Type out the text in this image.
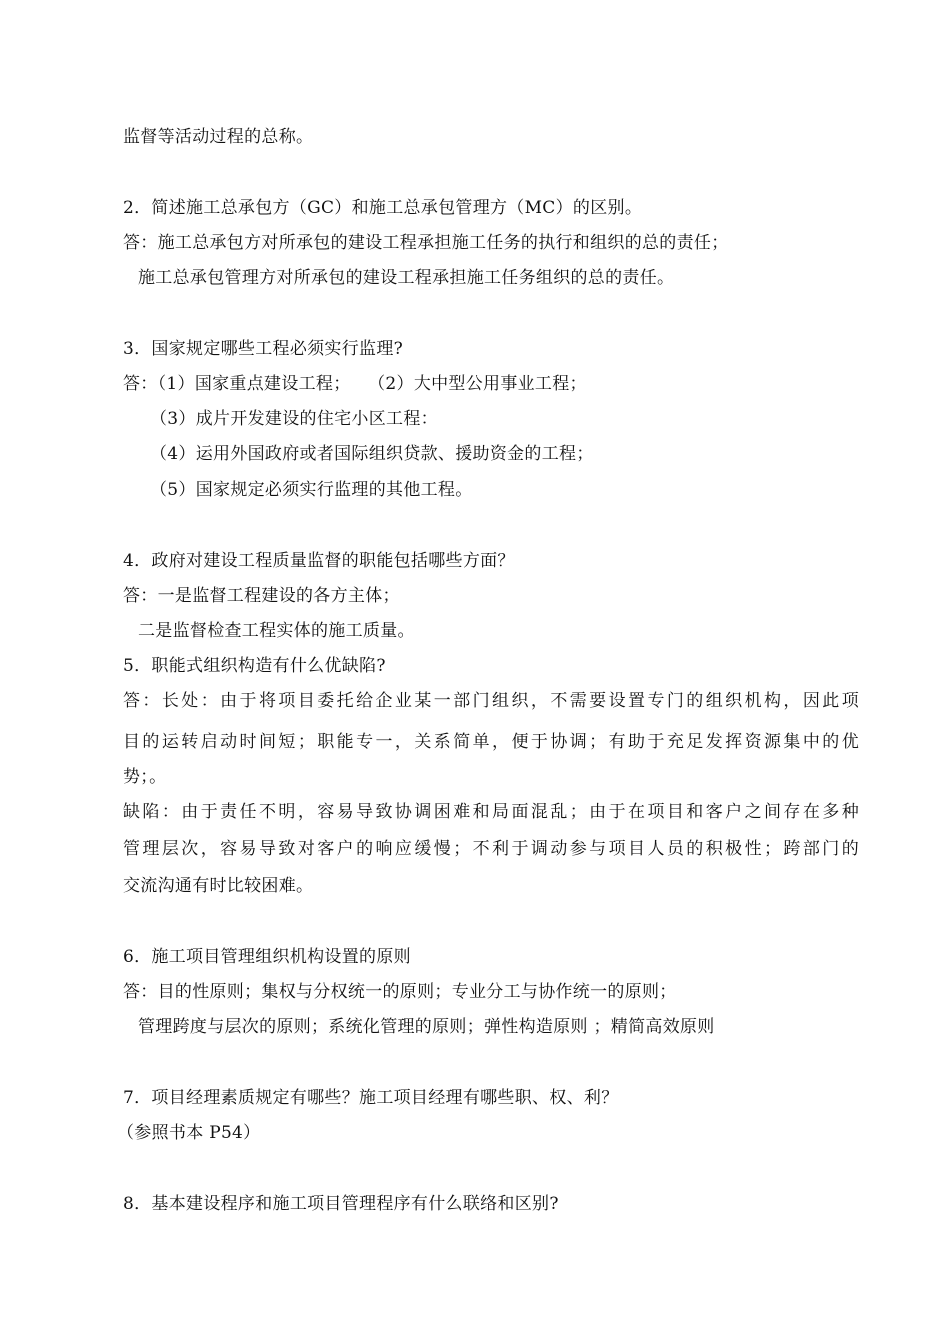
监督等活动过程的总称。
2．简述施工总承包方（GC）和施工总承包管理方（MC）的区别。
答：施工总承包方对所承包的建设工程承担施工任务的执行和组织的总的责任；
施工总承包管理方对所承包的建设工程承担施工任务组织的总的责任。
3．国家规定哪些工程必须实行监理?
答：（1）国家重点建设工程；　　（2）大中型公用事业工程；
（3）成片开发建设的住宅小区工程：
（4）运用外国政府或者国际组织贷款、援助资金的工程；
（5）国家规定必须实行监理的其他工程。
4．政府对建设工程质量监督的职能包括哪些方面？
答：一是监督工程建设的各方主体；
二是监督检查工程实体的施工质量。
5．职能式组织构造有什么优缺陷?
答：长处：由于将项目委托给企业某一部门组织，不需要设置专门的组织机构，因此项
目的运转启动时间短；职能专一，关系简单，便于协调；有助于充足发挥资源集中的优
势；。
缺陷：由于责任不明，容易导致协调困难和局面混乱；由于在项目和客户之间存在多种
管理层次，容易导致对客户的响应缓慢；不利于调动参与项目人员的积极性；跨部门的
交流沟通有时比较困难。
6．施工项目管理组织机构设置的原则
答：目的性原则；集权与分权统一的原则；专业分工与协作统一的原则；
管理跨度与层次的原则；系统化管理的原则；弹性构造原则 ；精简高效原则
7．项目经理素质规定有哪些？施工项目经理有哪些职、权、利？
（参照书本 P54）
8．基本建设程序和施工项目管理程序有什么联络和区别?
